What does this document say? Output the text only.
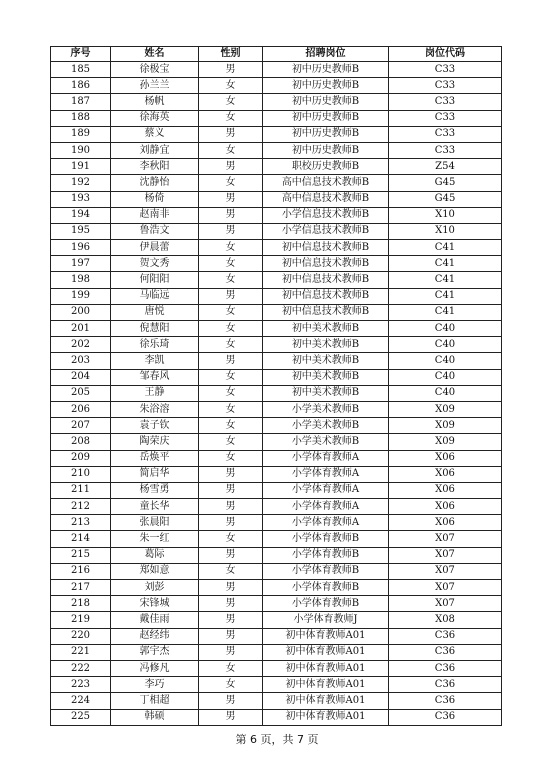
序号	姓名	性别	招聘岗位	岗位代码
185	徐极宝	男	初中历史教师B	C33
186	孙兰兰	女	初中历史教师B	C33
187	杨帆	女	初中历史教师B	C33
188	徐海英	女	初中历史教师B	C33
189	蔡义	男	初中历史教师B	C33
190	刘静宜	女	初中历史教师B	C33
191	李秋阳	男	职校历史教师B	Z54
192	沈静怡	女	高中信息技术教师B	G45
193	杨倚	男	高中信息技术教师B	G45
194	赵南非	男	小学信息技术教师B	X10
195	鲁浩文	男	小学信息技术教师B	X10
196	伊晨蕾	女	初中信息技术教师B	C41
197	贺文秀	女	初中信息技术教师B	C41
198	何阳阳	女	初中信息技术教师B	C41
199	马临远	男	初中信息技术教师B	C41
200	唐悦	女	初中信息技术教师B	C41
201	倪慧阳	女	初中美术教师B	C40
202	徐乐琦	女	初中美术教师B	C40
203	李凯	男	初中美术教师B	C40
204	邹春风	女	初中美术教师B	C40
205	王静	女	初中美术教师B	C40
206	朱浴溶	女	小学美术教师B	X09
207	袁子钦	女	小学美术教师B	X09
208	陶荣庆	女	小学美术教师B	X09
209	岳焕平	女	小学体育教师A	X06
210	简启华	男	小学体育教师A	X06
211	杨雪勇	男	小学体育教师A	X06
212	童长华	男	小学体育教师A	X06
213	张晨阳	男	小学体育教师A	X06
214	朱一红	女	小学体育教师B	X07
215	葛际	男	小学体育教师B	X07
216	郑如意	女	小学体育教师B	X07
217	刘彭	男	小学体育教师B	X07
218	宋锋城	男	小学体育教师B	X07
219	戴佳雨	男	小学体育教师J	X08
220	赵经纬	男	初中体育教师A01	C36
221	郭宇杰	男	初中体育教师A01	C36
222	冯修凡	女	初中体育教师A01	C36
223	李巧	女	初中体育教师A01	C36
224	丁相超	男	初中体育教师A01	C36
225	韩硕	男	初中体育教师A01	C36
第 6 页，共 7 页
